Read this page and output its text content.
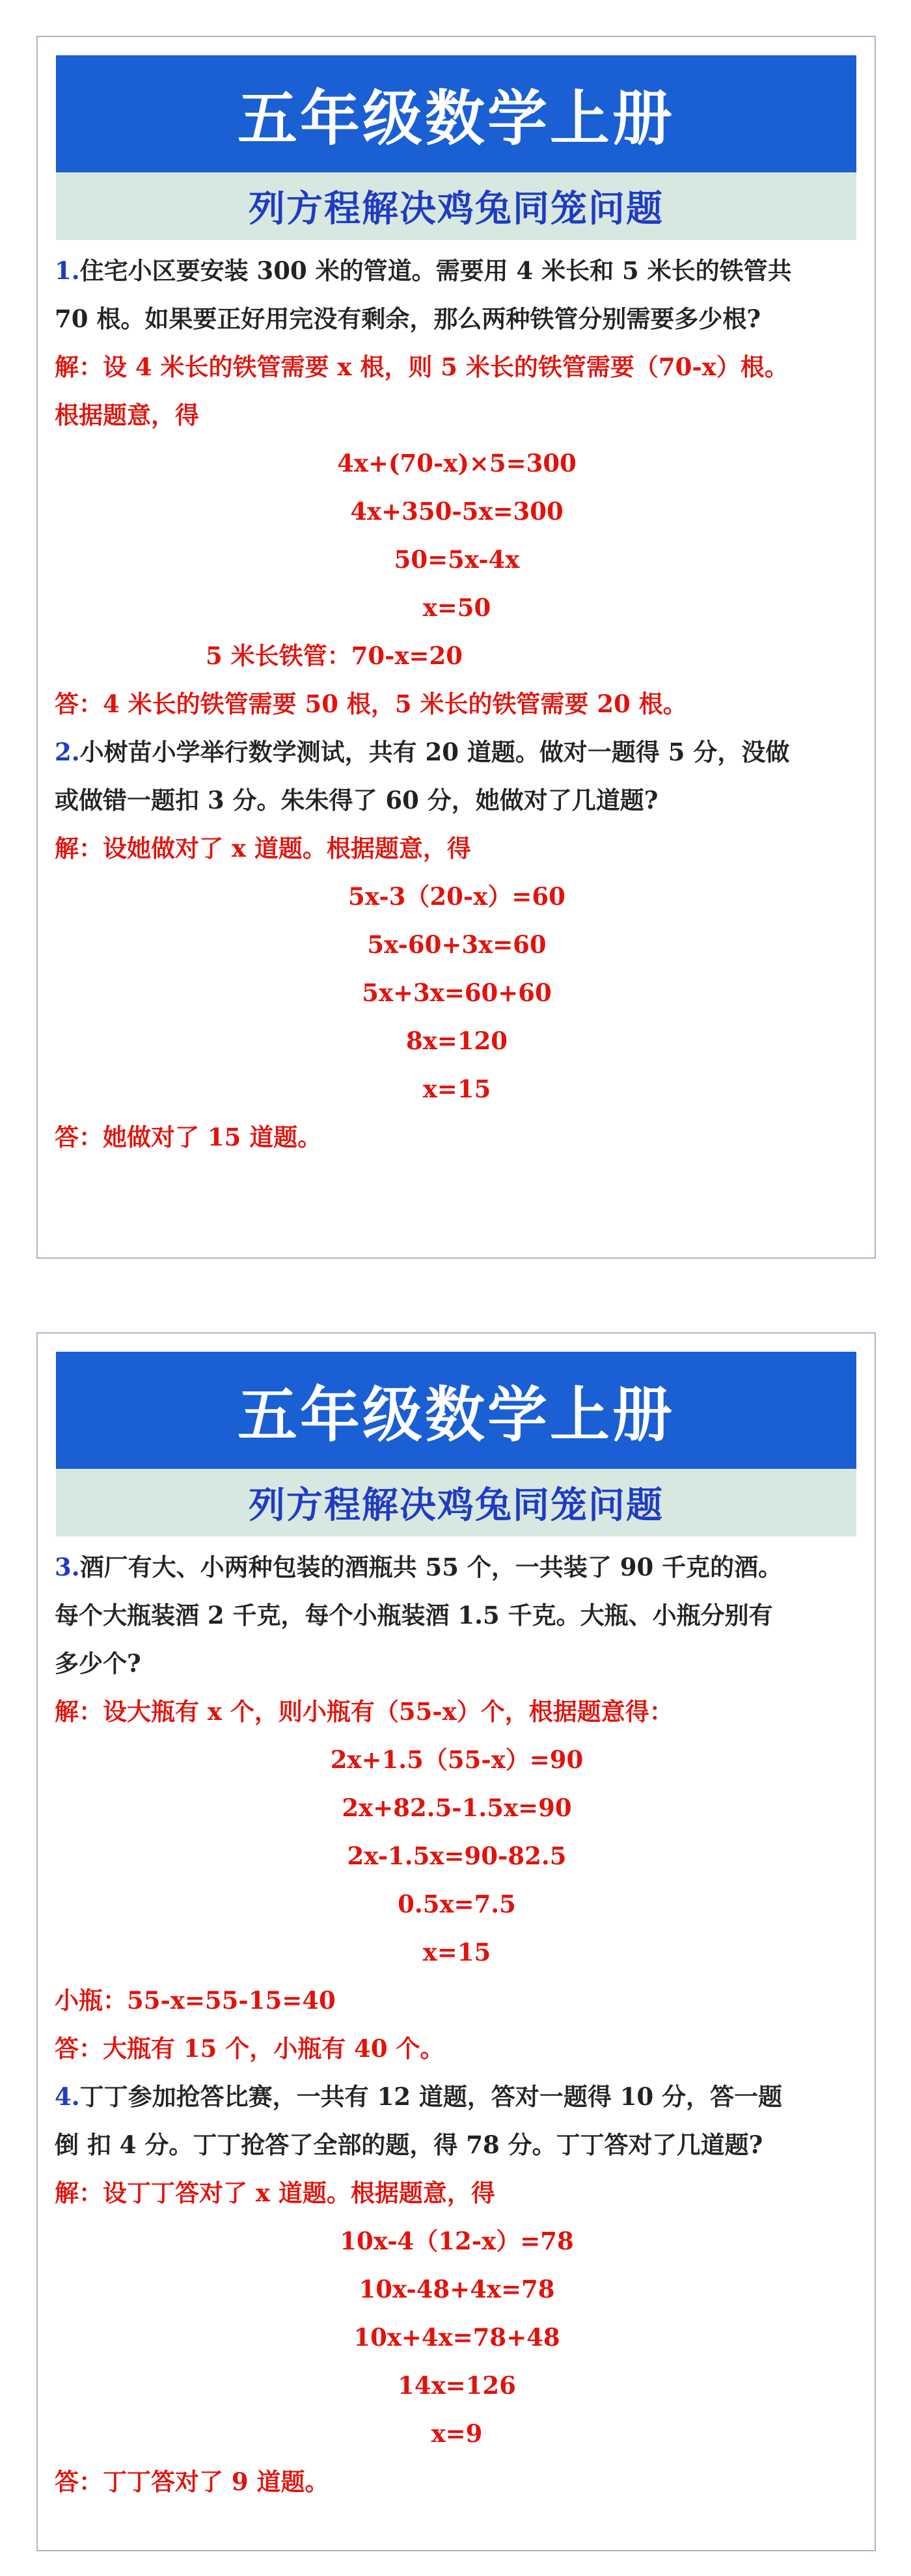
五年级数学上册
列方程解决鸡兔同笼问题
1.住宅小区要安装 300 米的管道。需要用 4 米长和 5 米长的铁管共
70 根。如果要正好用完没有剩余，那么两种铁管分别需要多少根?
解：设 4 米长的铁管需要 x 根，则 5 米长的铁管需要（70-x）根。
根据题意，得
4x+(70-x)×5=300
4x+350-5x=300
50=5x-4x
x=50
5 米长铁管：70-x=20
答：4 米长的铁管需要 50 根，5 米长的铁管需要 20 根。
2.小树苗小学举行数学测试，共有 20 道题。做对一题得 5 分，没做
或做错一题扣 3 分。朱朱得了 60 分，她做对了几道题?
解：设她做对了 x 道题。根据题意，得
5x-3（20-x）=60
5x-60+3x=60
5x+3x=60+60
8x=120
x=15
答：她做对了 15 道题。
五年级数学上册
列方程解决鸡兔同笼问题
3.酒厂有大、小两种包装的酒瓶共 55 个，一共装了 90 千克的酒。
每个大瓶装酒 2 千克，每个小瓶装酒 1.5 千克。大瓶、小瓶分别有
多少个?
解：设大瓶有 x 个，则小瓶有（55-x）个，根据题意得：
2x+1.5（55-x）=90
2x+82.5-1.5x=90
2x-1.5x=90-82.5
0.5x=7.5
x=15
小瓶：55-x=55-15=40
答：大瓶有 15 个，小瓶有 40 个。
4.丁丁参加抢答比赛，一共有 12 道题，答对一题得 10 分，答一题
倒 扣 4 分。丁丁抢答了全部的题，得 78 分。丁丁答对了几道题?
解：设丁丁答对了 x 道题。根据题意，得
10x-4（12-x）=78
10x-48+4x=78
10x+4x=78+48
14x=126
x=9
答：丁丁答对了 9 道题。
